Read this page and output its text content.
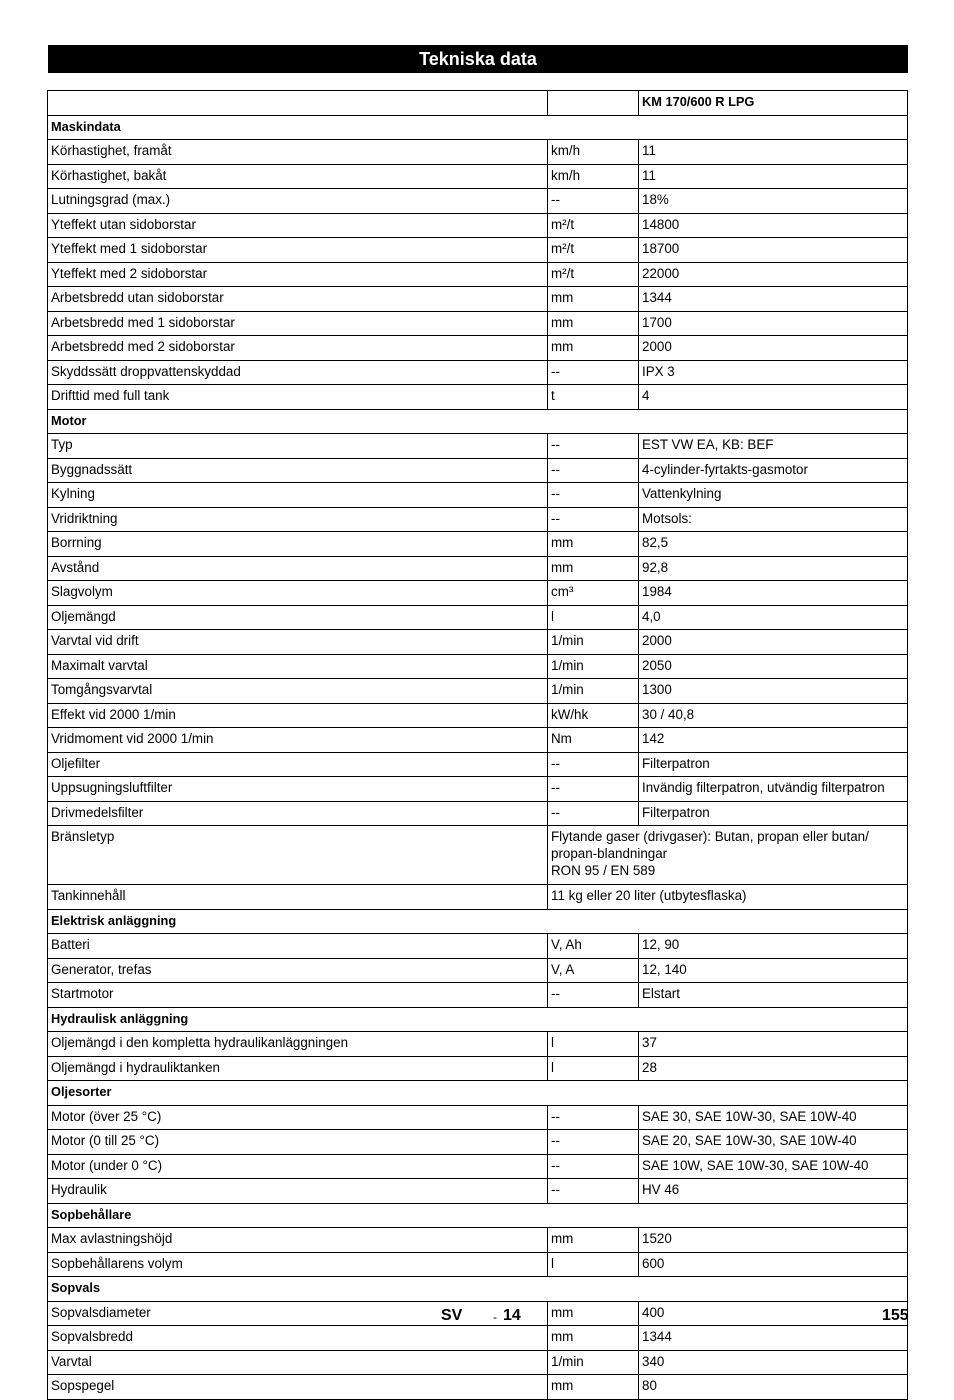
Tekniska data
		KM 170/600 R LPG
Maskindata		
Körhastighet, framåt	km/h	11
Körhastighet, bakåt	km/h	11
Lutningsgrad (max.)	--	18%
Yteffekt utan sidoborstar	m²/t	14800
Yteffekt med 1 sidoborstar	m²/t	18700
Yteffekt med 2 sidoborstar	m²/t	22000
Arbetsbredd utan sidoborstar	mm	1344
Arbetsbredd med 1 sidoborstar	mm	1700
Arbetsbredd med 2 sidoborstar	mm	2000
Skyddssätt droppvattenskyddad	--	IPX 3
Drifttid med full tank	t	4
Motor		
Typ	--	EST VW EA, KB: BEF
Byggnadssätt	--	4-cylinder-fyrtakts-gasmotor
Kylning	--	Vattenkylning
Vridriktning	--	Motsols:
Borrning	mm	82,5
Avstånd	mm	92,8
Slagvolym	cm³	1984
Oljemängd	l	4,0
Varvtal vid drift	1/min	2000
Maximalt varvtal	1/min	2050
Tomgångsvarvtal	1/min	1300
Effekt vid 2000 1/min	kW/hk	30 / 40,8
Vridmoment vid 2000 1/min	Nm	142
Oljefilter	--	Filterpatron
Uppsugningsluftfilter	--	Invändig filterpatron, utvändig filterpatron
Drivmedelsfilter	--	Filterpatron
Bränsletyp	Flytande gaser (drivgaser): Butan, propan eller butan/
propan-blandningar
RON 95 / EN 589	

Tankinnehåll	11 kg eller 20 liter (utbytesflaska)	

Elektrisk anläggning		
Batteri	V, Ah	12, 90
Generator, trefas	V, A	12, 140
Startmotor	--	Elstart
Hydraulisk anläggning		
Oljemängd i den kompletta hydraulikanläggningen	l	37
Oljemängd i hydrauliktanken	l	28
Oljesorter		
Motor (över 25 °C)	--	SAE 30, SAE 10W-30, SAE 10W-40
Motor (0 till 25 °C)	--	SAE 20, SAE 10W-30, SAE 10W-40
Motor (under 0 °C)	--	SAE 10W, SAE 10W-30, SAE 10W-40
Hydraulik	--	HV 46
Sopbehållare		
Max avlastningshöjd	mm	1520
Sopbehållarens volym	l	600
Sopvals		
Sopvalsdiameter	mm	400
Sopvalsbredd	mm	1344
Varvtal	1/min	340
Sopspegel	mm	80
SV	- 14	155
